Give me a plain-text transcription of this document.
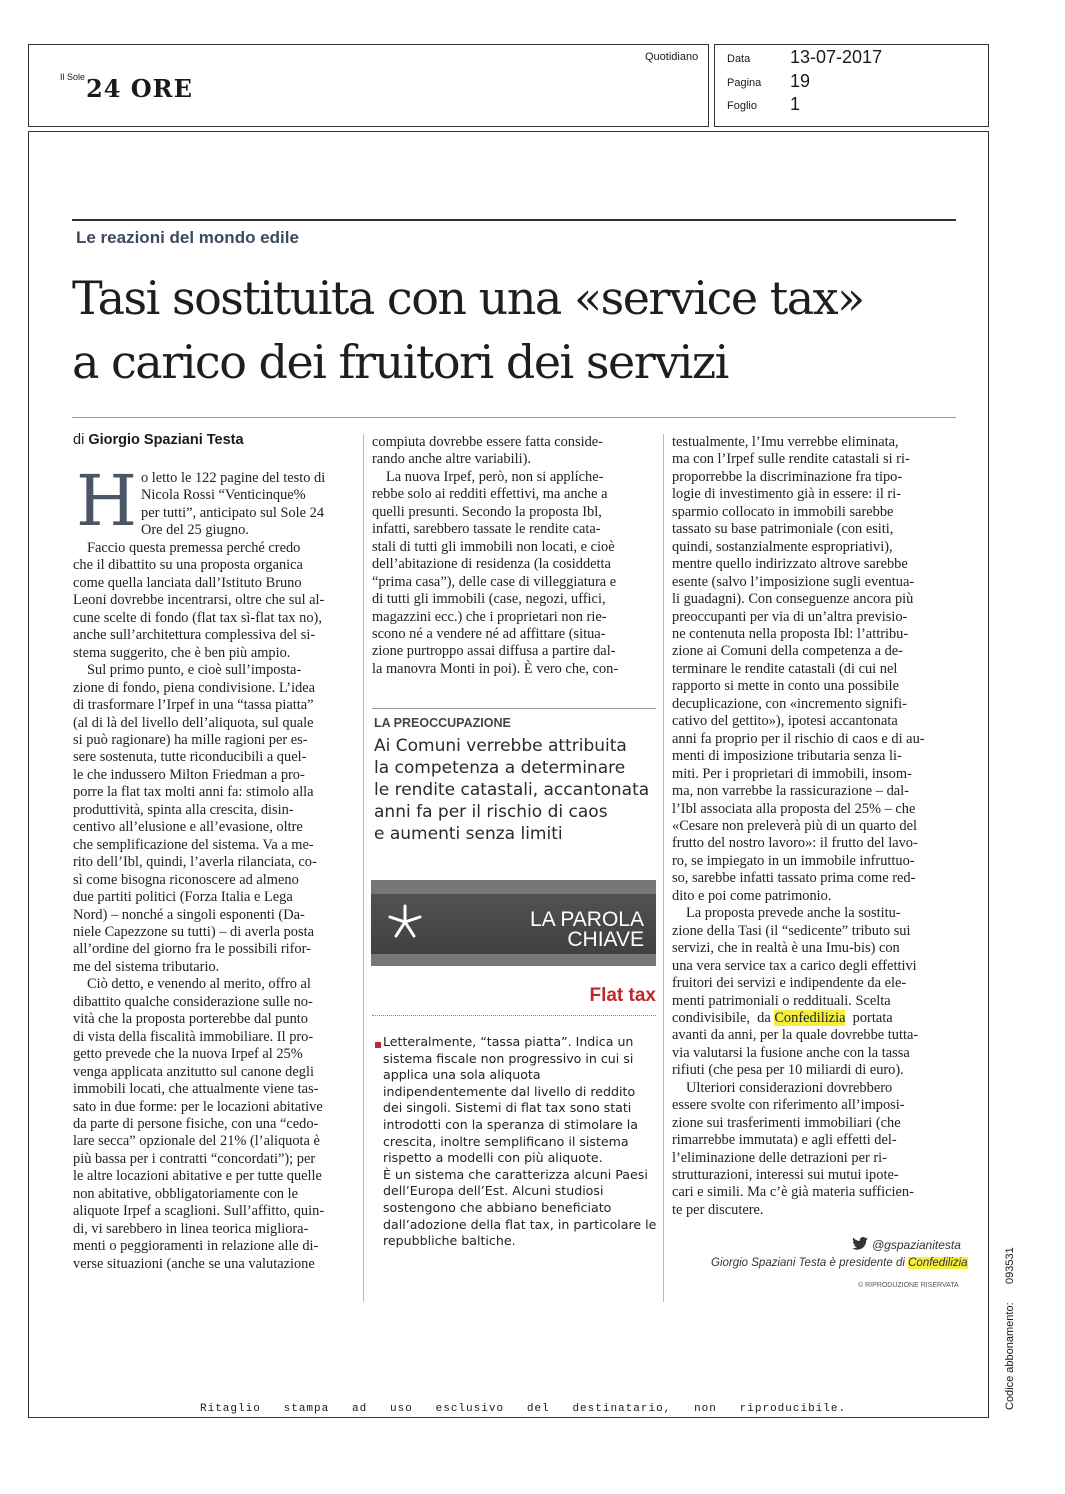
Il Sole 24 ORE
Quotidiano	Data 13-07-2017
Pagina 19
Foglio 1
Le reazioni del mondo edile
Tasi sostituita con una «service tax»
a carico dei fruitori dei servizi
di Giorgio Spaziani Testa
H o letto le 122 pagine del testo di

Nicola Rossi “Venticinque%

per tutti”, anticipato sul Sole 24

Ore del 25 giugno.

Faccio questa premessa perché credo

che il dibattito su una proposta organica

come quella lanciata dall’Istituto Bruno

Leoni dovrebbe incentrarsi, oltre che sul al-

cune scelte di fondo (flat tax sì-flat tax no),

anche sull’architettura complessiva del si-

stema suggerito, che è ben più ampio.

Sul primo punto, e cioè sull’imposta-

zione di fondo, piena condivisione. L’idea

di trasformare l’Irpef in una “tassa piatta”

(al di là del livello dell’aliquota, sul quale

si può ragionare) ha mille ragioni per es-

sere sostenuta, tutte riconducibili a quel-

le che indussero Milton Friedman a pro-

porre la flat tax molti anni fa: stimolo alla

produttività, spinta alla crescita, disin-

centivo all’elusione e all’evasione, oltre

che semplificazione del sistema. Va a me-

rito dell’Ibl, quindi, l’averla rilanciata, co-

sì come bisogna riconoscere ad almeno

due partiti politici (Forza Italia e Lega

Nord) – nonché a singoli esponenti (Da-

niele Capezzone su tutti) – di averla posta

all’ordine del giorno fra le possibili rifor-

me del sistema tributario.

Ciò detto, e venendo al merito, offro al

dibattito qualche considerazione sulle no-

vità che la proposta porterebbe dal punto

di vista della fiscalità immobiliare. Il pro-

getto prevede che la nuova Irpef al 25%

venga applicata anzitutto sul canone degli

immobili locati, che attualmente viene tas-

sato in due forme: per le locazioni abitative

da parte di persone fisiche, con una “cedo-

lare secca” opzionale del 21% (l’aliquota è

più bassa per i contratti “concordati”); per

le altre locazioni abitative e per tutte quelle

non abitative, obbligatoriamente con le

aliquote Irpef a scaglioni. Sull’affitto, quin-

di, vi sarebbero in linea teorica migliora-

menti o peggioramenti in relazione alle di-

verse situazioni (anche se una valutazione

compiuta dovrebbe essere fatta conside-

rando anche altre variabili).

La nuova Irpef, però, non si applíche-

rebbe solo ai redditi effettivi, ma anche a

quelli presunti. Secondo la proposta Ibl,

infatti, sarebbero tassate le rendite cata-

stali di tutti gli immobili non locati, e cioè

dell’abitazione di residenza (la cosiddetta

“prima casa”), delle case di villeggiatura e

di tutti gli immobili (case, negozi, uffici,

magazzini ecc.) che i proprietari non rie-

scono né a vendere né ad affittare (situa-

zione purtroppo assai diffusa a partire dal-

la manovra Monti in poi). È vero che, con-

LA PREOCCUPAZIONE
Ai Comuni verrebbe attribuita
la competenza a determinare
le rendite catastali, accantonata
anni fa per il rischio di caos
e aumenti senza limiti
LA PAROLA
CHIAVE
Flat tax

Letteralmente, “tassa piatta”. Indica un

sistema fiscale non progressivo in cui si

applica una sola aliquota

indipendentemente dal livello di reddito

dei singoli. Sistemi di flat tax sono stati

introdotti con la speranza di stimolare la

crescita, inoltre semplificano il sistema

rispetto a modelli con più aliquote.

È un sistema che caratterizza alcuni Paesi

dell’Europa dell’Est. Alcuni studiosi

sostengono che abbiano beneficiato

dall’adozione della flat tax, in particolare le

repubbliche baltiche.

testualmente, l’Imu verrebbe eliminata,

ma con l’Irpef sulle rendite catastali si ri-

proporrebbe la discriminazione fra tipo-

logie di investimento già in essere: il ri-

sparmio collocato in immobili sarebbe

tassato su base patrimoniale (con esiti,

quindi, sostanzialmente espropriativi),

mentre quello indirizzato altrove sarebbe

esente (salvo l’imposizione sugli eventua-

li guadagni). Con conseguenze ancora più

preoccupanti per via di un’altra previsio-

ne contenuta nella proposta Ibl: l’attribu-

zione ai Comuni della competenza a de-

terminare le rendite catastali (di cui nel

rapporto si mette in conto una possibile

decuplicazione, con «incremento signifi-

cativo del gettito»), ipotesi accantonata

anni fa proprio per il rischio di caos e di au-

menti di imposizione tributaria senza li-

miti. Per i proprietari di immobili, insom-

ma, non varrebbe la rassicurazione – dal-

l’Ibl associata alla proposta del 25% – che

«Cesare non preleverà più di un quarto del

frutto del nostro lavoro»: il frutto del lavo-

ro, se impiegato in un immobile infruttuo-

so, sarebbe infatti tassato prima come red-

dito e poi come patrimonio.

La proposta prevede anche la sostitu-

zione della Tasi (il “sedicente” tributo sui

servizi, che in realtà è una Imu-bis) con

una vera service tax a carico degli effettivi

fruitori dei servizi e indipendente da ele-

menti patrimoniali o reddituali. Scelta

condivisibile,  da Confedilizia  portata

avanti da anni, per la quale dovrebbe tutta-

via valutarsi la fusione anche con la tassa

rifiuti (che pesa per 10 miliardi di euro).

Ulteriori considerazioni dovrebbero

essere svolte con riferimento all’imposi-

zione sui trasferimenti immobiliari (che

rimarrebbe immutata) e agli effetti del-

l’eliminazione delle detrazioni per ri-

strutturazioni, interessi sui mutui ipote-

cari e simili. Ma c’è già materia sufficien-

te per discutere.

@gspazianitesta
Giorgio Spaziani Testa è presidente di Confedilizia
© RIPRODUZIONE RISERVATA
Ritaglio   stampa   ad   uso   esclusivo   del   destinatario,   non   riproducibile.	Codice abbonamento:      093531
